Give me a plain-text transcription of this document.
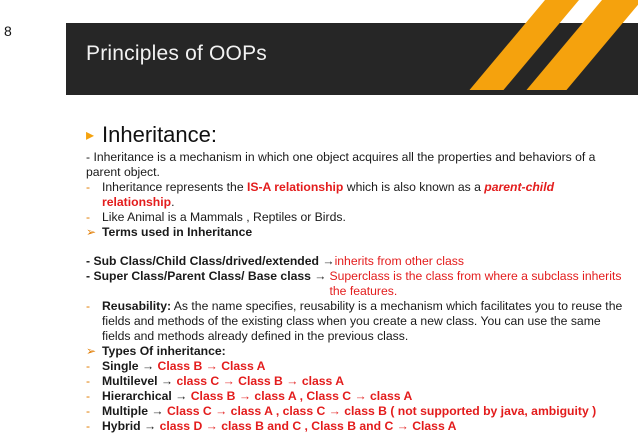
8
Principles of OOPs
▸ Inheritance:
- Inheritance is a mechanism in which one object acquires all the properties and behaviors of a
parent object.
- Inheritance represents the IS-A relationship which is also known as a parent-child relationship.
- Like Animal is a Mammals , Reptiles or Birds.
➢ Terms used in Inheritance
- Sub Class/Child Class/drived/extended → inherits from other class
- Super Class/Parent Class/ Base class → Superclass is the class from where a subclass inherits the features.
- Reusability: As the name specifies, reusability is a mechanism which facilitates you to reuse the fields and methods of the existing class when you create a new class. You can use the same fields and methods already defined in the previous class.
➢ Types Of inheritance:
- Single → Class B → Class A
- Multilevel → class C → Class B → class A
- Hierarchical → Class B → class A , Class C → class A
- Multiple → Class C → class A , class C → class B ( not supported by java, ambiguity )
- Hybrid → class D → class B and C , Class B and C → Class A
